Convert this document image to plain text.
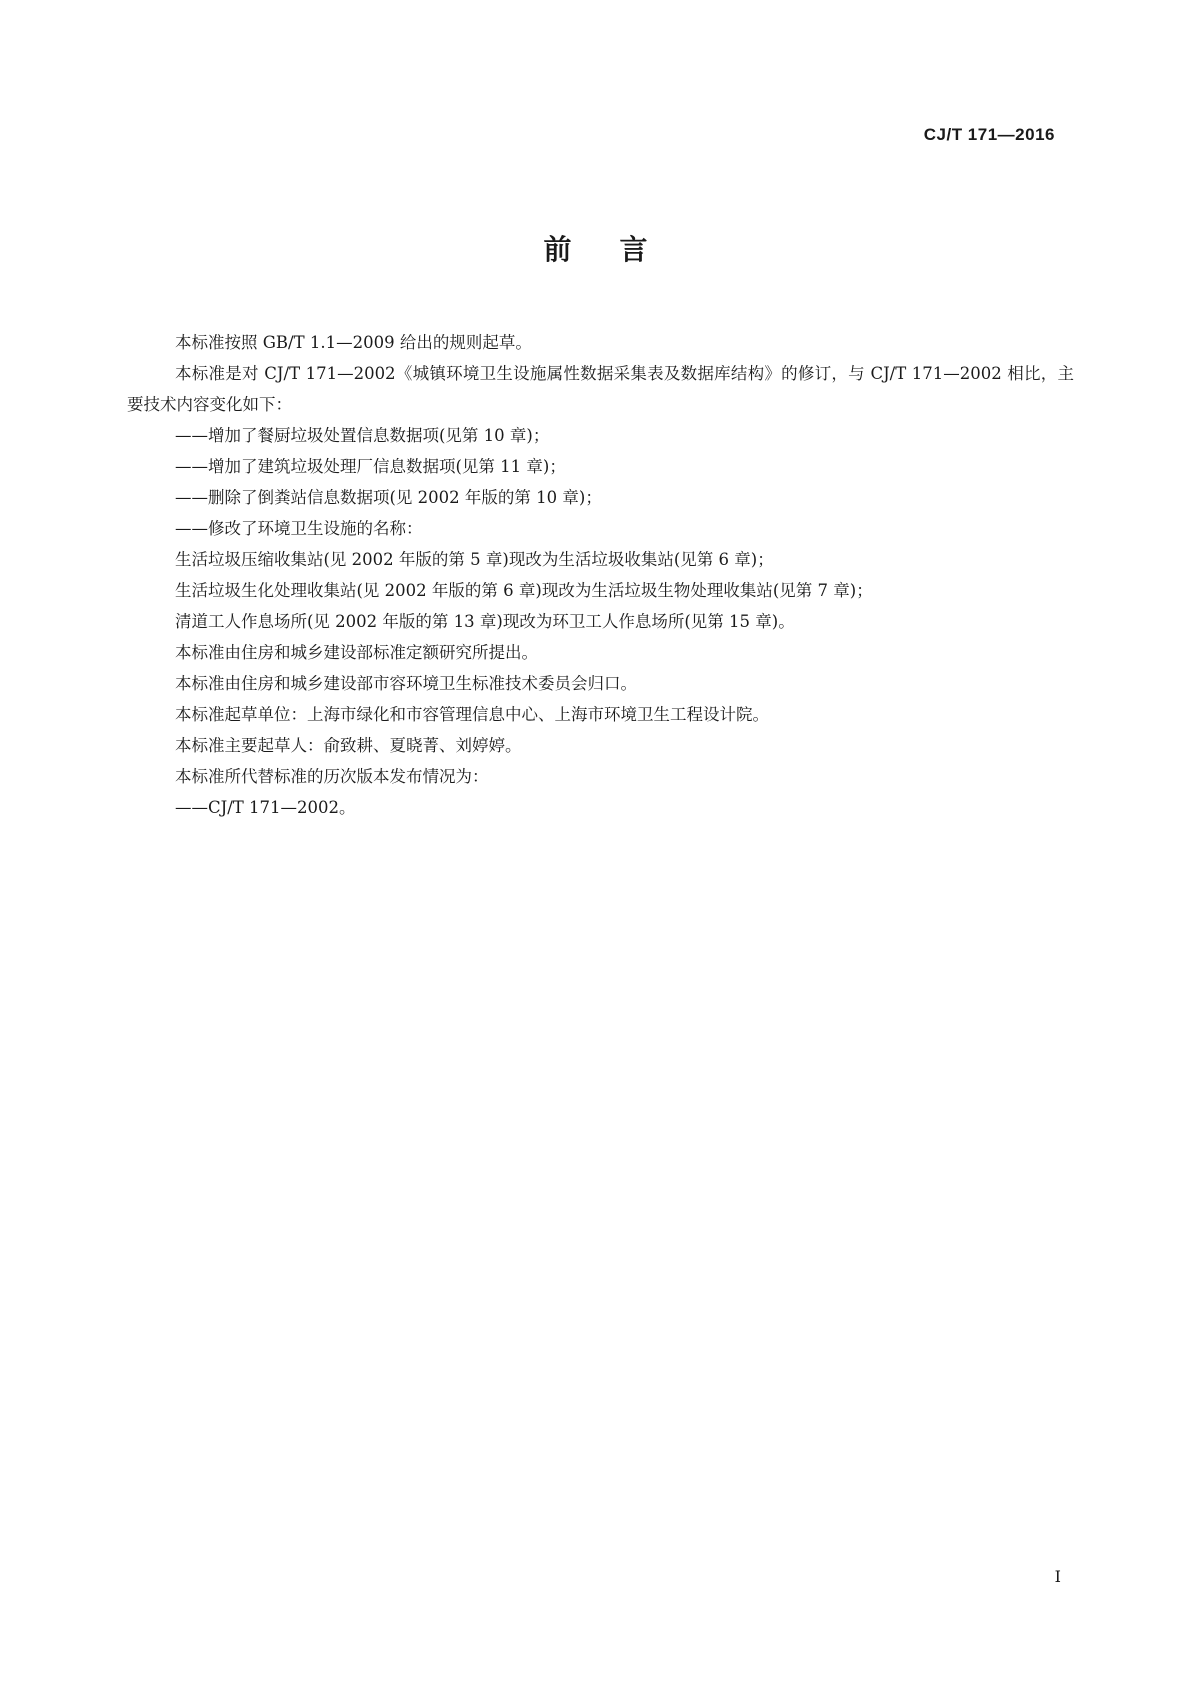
CJ/T 171—2016

前言

本标准按照 GB/T 1.1—2009 给出的规则起草。

本标准是对 CJ/T 171—2002《城镇环境卫生设施属性数据采集表及数据库结构》的修订，与 CJ/T 171—2002 相比，主要技术内容变化如下：

——增加了餐厨垃圾处置信息数据项(见第 10 章)；

——增加了建筑垃圾处理厂信息数据项(见第 11 章)；

——删除了倒粪站信息数据项(见 2002 年版的第 10 章)；

——修改了环境卫生设施的名称：

生活垃圾压缩收集站(见 2002 年版的第 5 章)现改为生活垃圾收集站(见第 6 章)；

生活垃圾生化处理收集站(见 2002 年版的第 6 章)现改为生活垃圾生物处理收集站(见第 7 章)；

清道工人作息场所(见 2002 年版的第 13 章)现改为环卫工人作息场所(见第 15 章)。

本标准由住房和城乡建设部标准定额研究所提出。

本标准由住房和城乡建设部市容环境卫生标准技术委员会归口。

本标准起草单位：上海市绿化和市容管理信息中心、上海市环境卫生工程设计院。

本标准主要起草人：俞致耕、夏晓菁、刘婷婷。

本标准所代替标准的历次版本发布情况为：

——CJ/T 171—2002。

I
